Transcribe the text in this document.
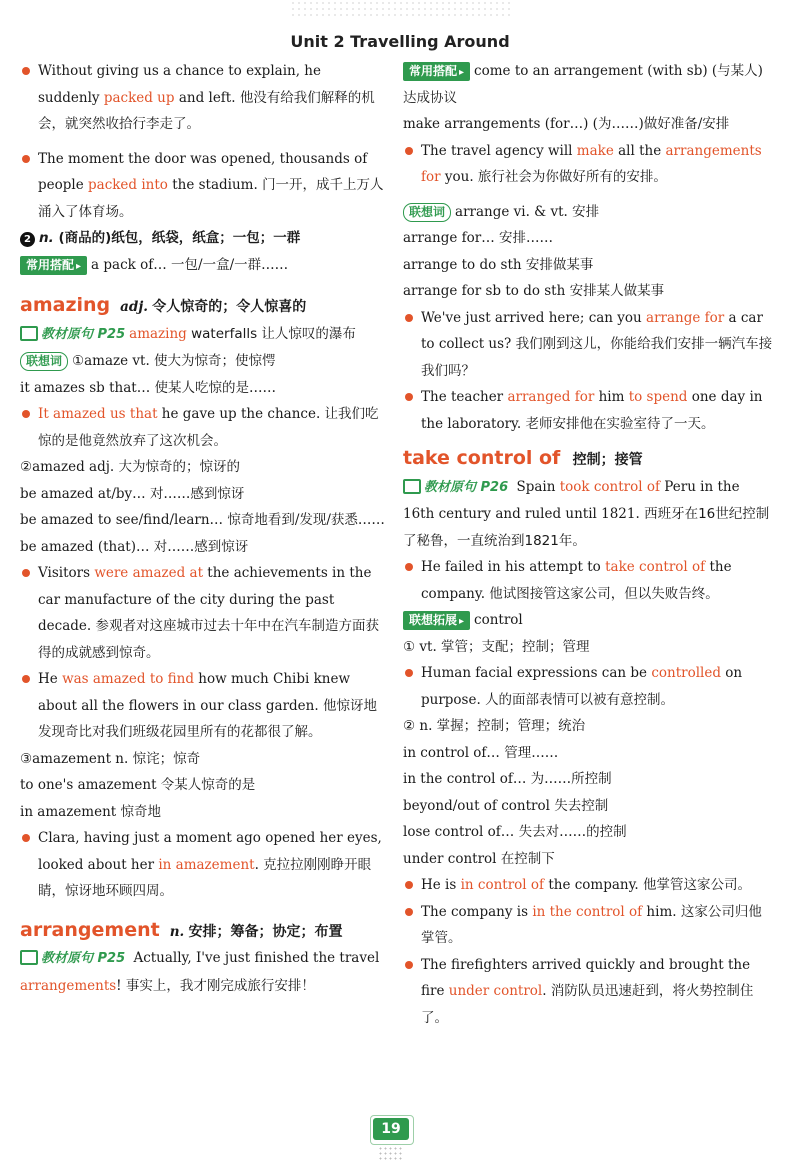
Unit 2 Travelling Around

Without giving us a chance to explain, he suddenly packed up and left. 他没有给我们解释的机会，就突然收拾行李走了。

The moment the door was opened, thousands of people packed into the stadium. 门一开，成千上万人涌入了体育场。

2 n. (商品的)纸包，纸袋，纸盒；一包；一群

常用搭配 ▸ a pack of… 一包/一盒/一群……

amazing adj. 令人惊奇的；令人惊喜的

教材原句 P25 amazing waterfalls 让人惊叹的瀑布

联想词 ①amaze vt. 使大为惊奇；使惊愕

it amazes sb that… 使某人吃惊的是……

It amazed us that he gave up the chance. 让我们吃惊的是他竟然放弃了这次机会。

②amazed adj. 大为惊奇的；惊讶的

be amazed at/by… 对……感到惊讶

be amazed to see/find/learn… 惊奇地看到/发现/获悉……

be amazed (that)… 对……感到惊讶

Visitors were amazed at the achievements in the car manufacture of the city during the past decade. 参观者对这座城市过去十年中在汽车制造方面获得的成就感到惊奇。

He was amazed to find how much Chibi knew about all the flowers in our class garden. 他惊讶地发现奇比对我们班级花园里所有的花都很了解。

③amazement n. 惊诧；惊奇

to one's amazement 令某人惊奇的是

in amazement 惊奇地

Clara, having just a moment ago opened her eyes, looked about her in amazement. 克拉拉刚刚睁开眼睛，惊讶地环顾四周。

arrangement n. 安排；筹备；协定；布置

教材原句 P25 Actually, I've just finished the travel arrangements! 事实上，我才刚完成旅行安排！

常用搭配 ▸ come to an arrangement (with sb) (与某人)达成协议

make arrangements (for…) (为……)做好准备/安排

The travel agency will make all the arrangements for you. 旅行社会为你做好所有的安排。

联想词 arrange vi. & vt. 安排

arrange for… 安排……

arrange to do sth 安排做某事

arrange for sb to do sth 安排某人做某事

We've just arrived here; can you arrange for a car to collect us? 我们刚到这儿，你能给我们安排一辆汽车接我们吗？

The teacher arranged for him to spend one day in the laboratory. 老师安排他在实验室待了一天。

take control of 控制；接管

教材原句 P26 Spain took control of Peru in the 16th century and ruled until 1821. 西班牙在16世纪控制了秘鲁，一直统治到1821年。

He failed in his attempt to take control of the company. 他试图接管这家公司，但以失败告终。

联想拓展 ▸ control

① vt. 掌管；支配；控制；管理

Human facial expressions can be controlled on purpose. 人的面部表情可以被有意控制。

② n. 掌握；控制；管理；统治

in control of… 管理……

in the control of… 为……所控制

beyond/out of control 失去控制

lose control of… 失去对……的控制

under control 在控制下

He is in control of the company. 他掌管这家公司。

The company is in the control of him. 这家公司归他掌管。

The firefighters arrived quickly and brought the fire under control. 消防队员迅速赶到，将火势控制住了。

19
